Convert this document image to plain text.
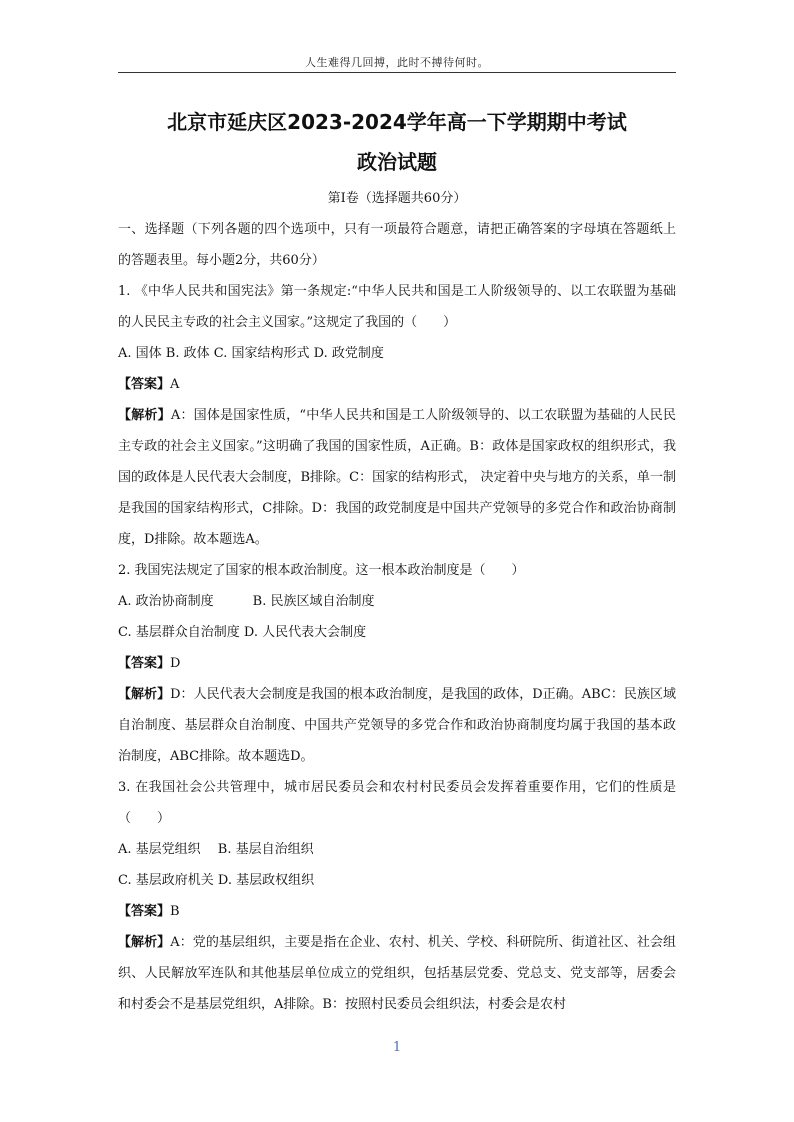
人生难得几回搏，此时不搏待何时。
北京市延庆区2023-2024学年高一下学期期中考试
政治试题
第Ⅰ卷（选择题共60分）

一、选择题（下列各题的四个选项中，只有一项最符合题意，请把正确答案的字母填在答题纸上的答题表里。每小题2分，共60分）

1. 《中华人民共和国宪法》第一条规定:“中华人民共和国是工人阶级领导的、以工农联盟为基础的人民民主专政的社会主义国家。”这规定了我国的（　　）

A. 国体 B. 政体 C. 国家结构形式 D. 政党制度

【答案】A

【解析】A：国体是国家性质，“中华人民共和国是工人阶级领导的、以工农联盟为基础的人民民主专政的社会主义国家。”这明确了我国的国家性质，A正确。B：政体是国家政权的组织形式，我国的政体是人民代表大会制度，B排除。C：国家的结构形式， 决定着中央与地方的关系，单一制是我国的国家结构形式，C排除。D：我国的政党制度是中国共产党领导的多党合作和政治协商制度，D排除。故本题选A。

2. 我国宪法规定了国家的根本政治制度。这一根本政治制度是（　　）

A. 政治协商制度　　　B. 民族区域自治制度

C. 基层群众自治制度 D. 人民代表大会制度

【答案】D

【解析】D：人民代表大会制度是我国的根本政治制度，是我国的政体，D正确。ABC：民族区域自治制度、基层群众自治制度、中国共产党领导的多党合作和政治协商制度均属于我国的基本政治制度，ABC排除。故本题选D。

3. 在我国社会公共管理中，城市居民委员会和农村村民委员会发挥着重要作用，它们的性质是（　　）

A. 基层党组织　 B. 基层自治组织

C. 基层政府机关 D. 基层政权组织

【答案】B

【解析】A：党的基层组织，主要是指在企业、农村、机关、学校、科研院所、街道社区、社会组织、人民解放军连队和其他基层单位成立的党组织，包括基层党委、党总支、党支部等，居委会和村委会不是基层党组织，A排除。B：按照村民委员会组织法，村委会是农村

1
